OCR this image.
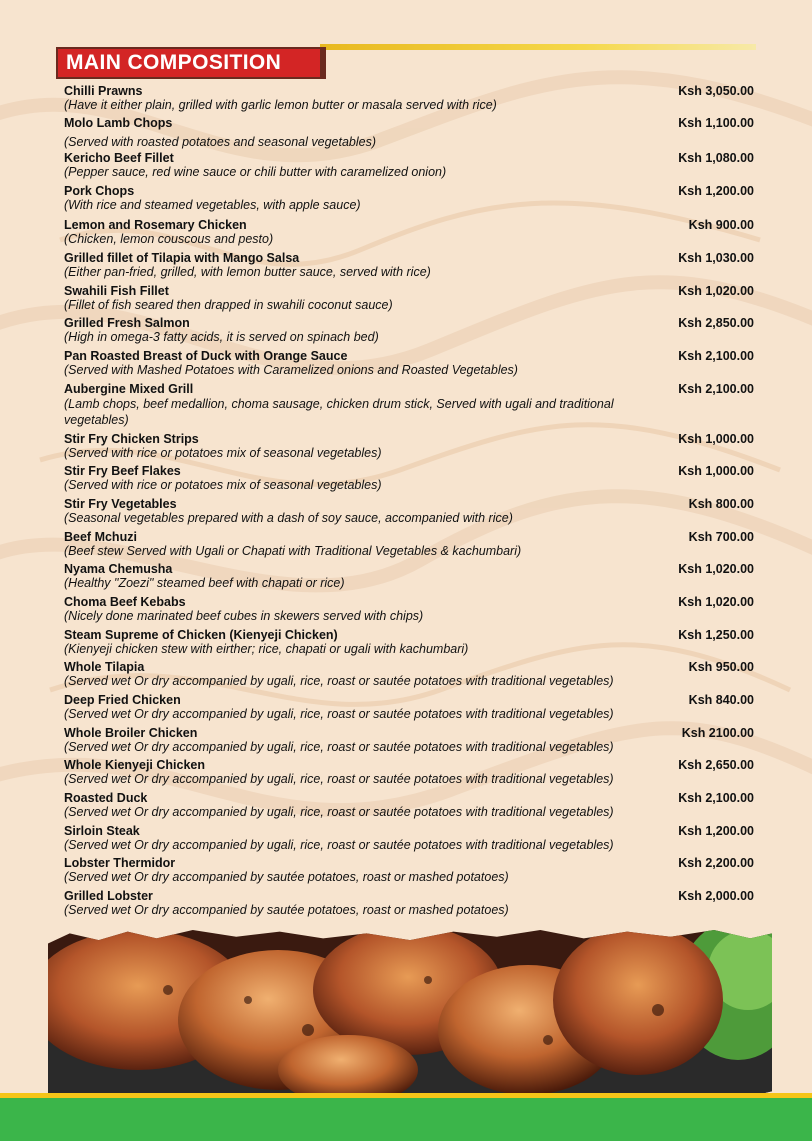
MAIN COMPOSITION
Chilli Prawns
(Have it either plain, grilled with garlic lemon butter or masala served with rice)
Ksh 3,050.00
Molo Lamb Chops
(Served with roasted potatoes and seasonal vegetables)
Ksh 1,100.00
Kericho Beef Fillet
(Pepper sauce, red wine sauce or chili butter with caramelized onion)
Ksh 1,080.00
Pork Chops
(With rice and steamed vegetables, with apple sauce)
Ksh 1,200.00
Lemon and Rosemary Chicken
(Chicken, lemon couscous and pesto)
Ksh 900.00
Grilled fillet of Tilapia with Mango Salsa
(Either pan-fried, grilled, with lemon butter sauce, served with rice)
Ksh 1,030.00
Swahili Fish Fillet
(Fillet of fish seared then drapped in swahili coconut sauce)
Ksh 1,020.00
Grilled Fresh Salmon
(High in omega-3 fatty acids, it is served on spinach bed)
Ksh 2,850.00
Pan Roasted Breast of Duck with Orange Sauce
(Served with Mashed Potatoes with Caramelized onions and Roasted Vegetables)
Ksh 2,100.00
Aubergine Mixed Grill
(Lamb chops, beef medallion, choma sausage, chicken drum stick, Served with ugali and traditional vegetables)
Ksh 2,100.00
Stir Fry Chicken Strips
(Served with rice or potatoes mix of seasonal vegetables)
Ksh 1,000.00
Stir Fry Beef Flakes
(Served with rice or potatoes mix of seasonal vegetables)
Ksh 1,000.00
Stir Fry Vegetables
(Seasonal vegetables prepared with a dash of soy sauce, accompanied with rice)
Ksh 800.00
Beef Mchuzi
(Beef stew Served with Ugali or Chapati with Traditional Vegetables & kachumbari)
Ksh 700.00
Nyama Chemusha
(Healthy "Zoezi" steamed beef with chapati or rice)
Ksh 1,020.00
Choma Beef Kebabs
(Nicely done marinated beef cubes in skewers served with chips)
Ksh 1,020.00
Steam Supreme of Chicken (Kienyeji Chicken)
(Kienyeji chicken stew with eirther; rice, chapati or ugali with kachumbari)
Ksh 1,250.00
Whole Tilapia
(Served wet Or dry accompanied by ugali, rice, roast or sautée potatoes with traditional vegetables)
Ksh 950.00
Deep Fried Chicken
(Served wet Or dry accompanied by ugali, rice, roast or sautée potatoes with traditional vegetables)
Ksh 840.00
Whole Broiler Chicken
(Served wet Or dry accompanied by ugali, rice, roast or sautée potatoes with traditional vegetables)
Ksh 2100.00
Whole Kienyeji Chicken
(Served wet Or dry accompanied by ugali, rice, roast or sautée potatoes with traditional vegetables)
Ksh 2,650.00
Roasted Duck
(Served wet Or dry accompanied by ugali, rice, roast or sautée potatoes with traditional vegetables)
Ksh 2,100.00
Sirloin Steak
(Served wet Or dry accompanied by ugali, rice, roast or sautée potatoes with traditional vegetables)
Ksh 1,200.00
Lobster Thermidor
(Served wet Or dry accompanied by sautée potatoes, roast or mashed potatoes)
Ksh 2,200.00
Grilled Lobster
(Served wet Or dry accompanied by sautée potatoes, roast or mashed potatoes)
Ksh 2,000.00
